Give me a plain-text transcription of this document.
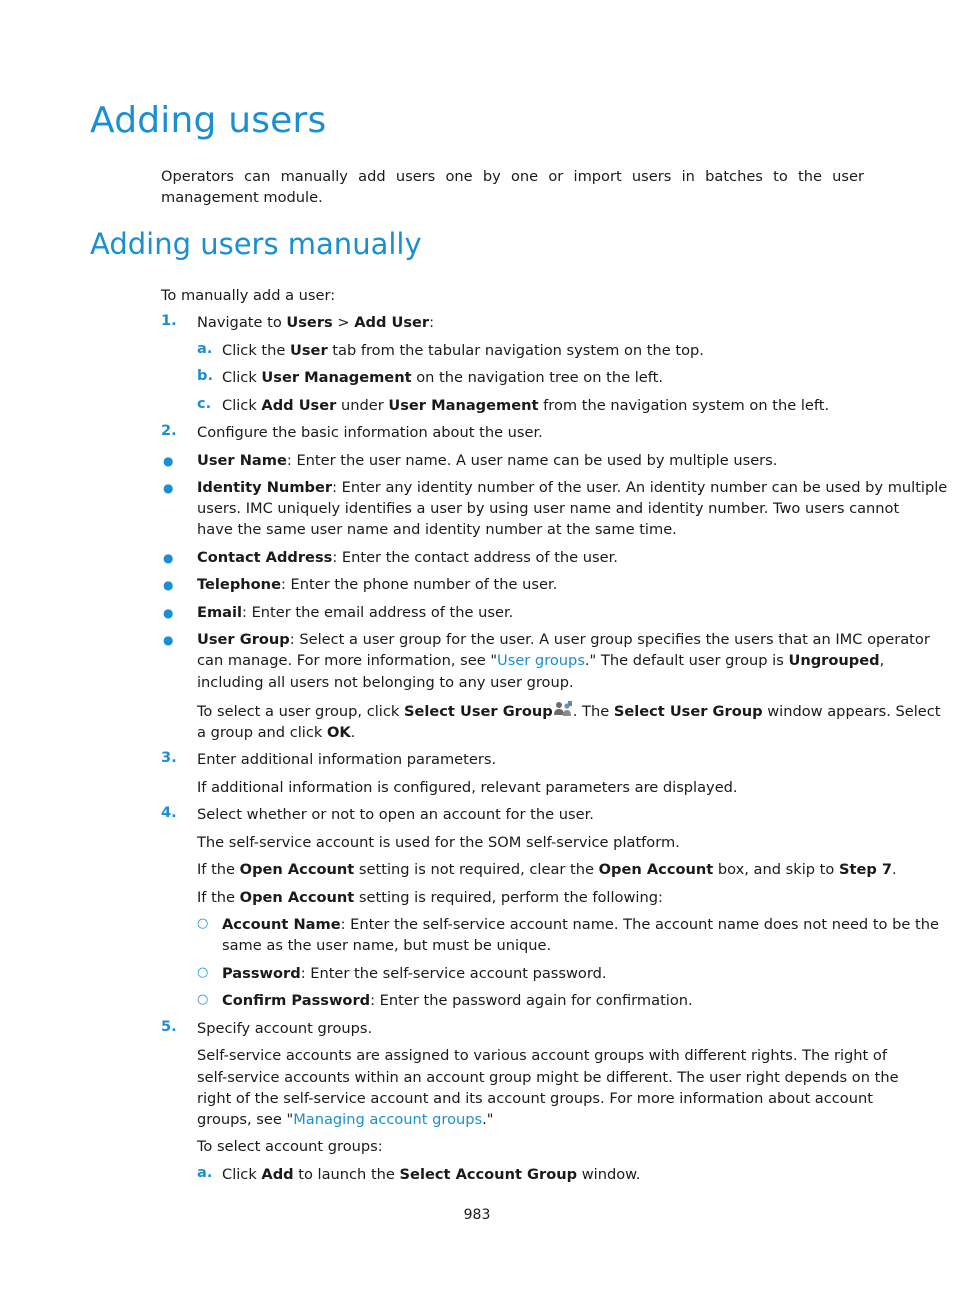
Adding users
Operators can manually add users one by one or import users in batches to the user management module.
Adding users manually
To manually add a user:
1. Navigate to Users > Add User:
a. Click the User tab from the tabular navigation system on the top.
b. Click User Management on the navigation tree on the left.
c. Click Add User under User Management from the navigation system on the left.
2. Configure the basic information about the user.
● User Name: Enter the user name. A user name can be used by multiple users.
● Identity Number: Enter any identity number of the user. An identity number can be used by multiple
users. IMC uniquely identifies a user by using user name and identity number. Two users cannot
have the same user name and identity number at the same time.
● Contact Address: Enter the contact address of the user.
● Telephone: Enter the phone number of the user.
● Email: Enter the email address of the user.
● User Group: Select a user group for the user. A user group specifies the users that an IMC operator
can manage. For more information, see "User groups." The default user group is Ungrouped,
including all users not belonging to any user group.
To select a user group, click Select User Group . The Select User Group window appears. Select
a group and click OK.
3. Enter additional information parameters.
If additional information is configured, relevant parameters are displayed.
4. Select whether or not to open an account for the user.
The self-service account is used for the SOM self-service platform.
If the Open Account setting is not required, clear the Open Account box, and skip to Step 7.
If the Open Account setting is required, perform the following:
○ Account Name: Enter the self-service account name. The account name does not need to be the
same as the user name, but must be unique.
○ Password: Enter the self-service account password.
○ Confirm Password: Enter the password again for confirmation.
5. Specify account groups.
Self-service accounts are assigned to various account groups with different rights. The right of
self-service accounts within an account group might be different. The user right depends on the
right of the self-service account and its account groups. For more information about account
groups, see "Managing account groups."
To select account groups:
a. Click Add to launch the Select Account Group window.
983
